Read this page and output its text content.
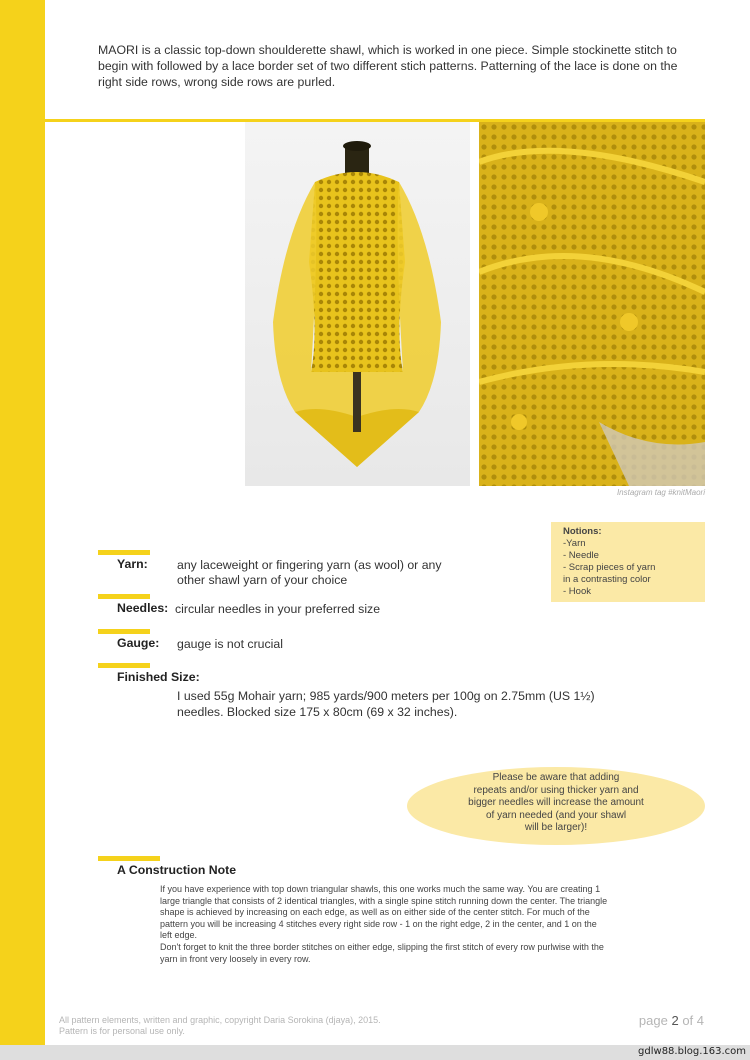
MAORI is a classic top-down shoulderette shawl, which is worked in one piece. Simple stockinette stitch to begin with followed by a lace border set of two different stich patterns. Patterning of the lace is done on the right side rows, wrong side rows are purled.
Instagram tag #knitMaori
Notions:
-Yarn
- Needle
- Scrap pieces of yarn
in a contrasting color
- Hook
Yarn: any laceweight or fingering yarn (as wool) or any
other shawl yarn of your choice
Needles: circular needles in your preferred size
Gauge: gauge is not crucial
Finished Size:
I used 55g Mohair yarn; 985 yards/900 meters per 100g on 2.75mm (US 1½)
needles. Blocked size 175 x 80cm (69 x 32 inches).
Please be aware that adding
repeats and/or using thicker yarn and
bigger needles will increase the amount
of yarn needed (and your shawl
will be larger)!
A Construction Note
If you have experience with top down triangular shawls, this one works much the same way. You are creating 1
large triangle that consists of 2 identical triangles, with a single spine stitch running down the center. The triangle
shape is achieved by increasing on each edge, as well as on either side of the center stitch. For much of the
pattern you will be increasing 4 stitches every right side row - 1 on the right edge, 2 in the center, and 1 on the
left edge.
Don't forget to knit the three border stitches on either edge, slipping the first stitch of every row purlwise with the
yarn in front very loosely in every row.
All pattern elements, written and graphic, copyright Daria Sorokina (djaya), 2015.
Pattern is for personal use only.
page 2 of 4
gdlw88.blog.163.com
